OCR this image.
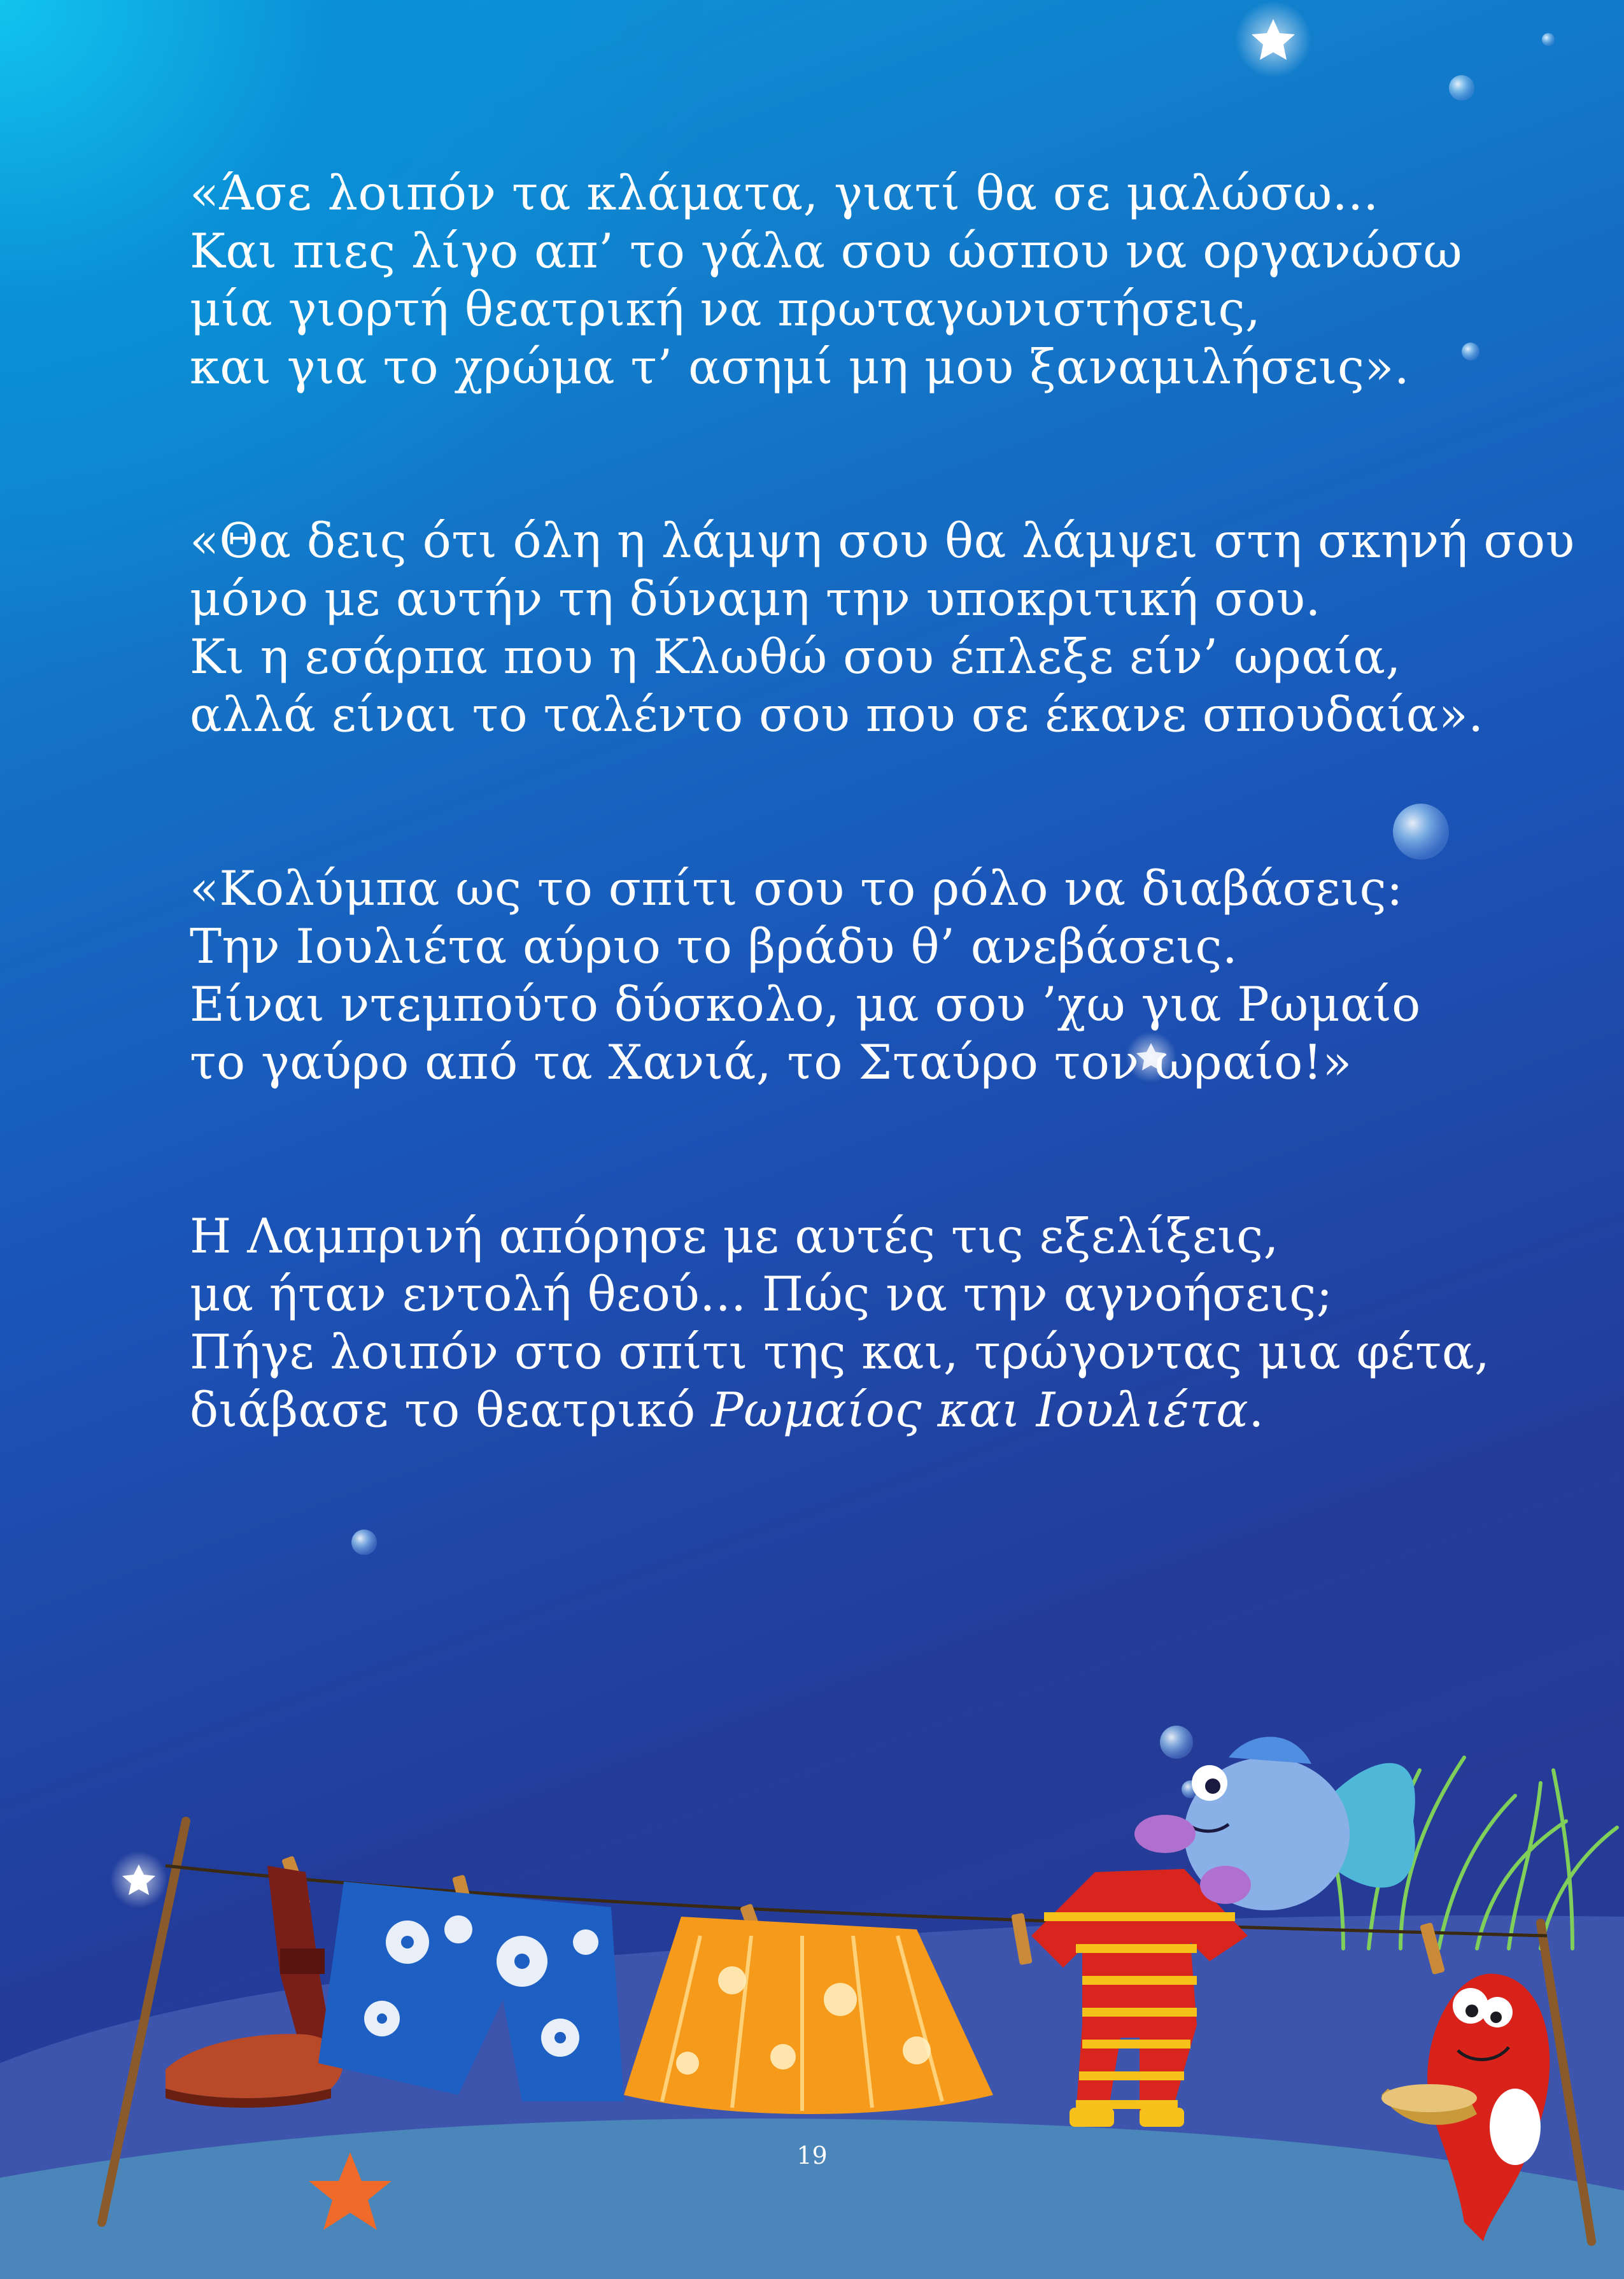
«Άσε λοιπόν τα κλάματα, γιατί θα σε μαλώσω...
Και πιες λίγο απ’ το γάλα σου ώσπου να οργανώσω
μία γιορτή θεατρική να πρωταγωνιστήσεις,
και για το χρώμα τ’ ασημί μη μου ξαναμιλήσεις».
«Θα δεις ότι όλη η λάμψη σου θα λάμψει στη σκηνή σου
μόνο με αυτήν τη δύναμη την υποκριτική σου.
Κι η εσάρπα που η Κλωθώ σου έπλεξε είν’ ωραία,
αλλά είναι το ταλέντο σου που σε έκανε σπουδαία».
«Κολύμπα ως το σπίτι σου το ρόλο να διαβάσεις:
Την Ιουλιέτα αύριο το βράδυ θ’ ανεβάσεις.
Είναι ντεμπούτο δύσκολο, μα σου ’χω για Ρωμαίο
το γαύρο από τα Χανιά, το Σταύρο τον ωραίο!»
Η Λαμπρινή απόρησε με αυτές τις εξελίξεις,
μα ήταν εντολή θεού... Πώς να την αγνοήσεις;
Πήγε λοιπόν στο σπίτι της και, τρώγοντας μια φέτα,
διάβασε το θεατρικό Ρωμαίος και Ιουλιέτα.
19
